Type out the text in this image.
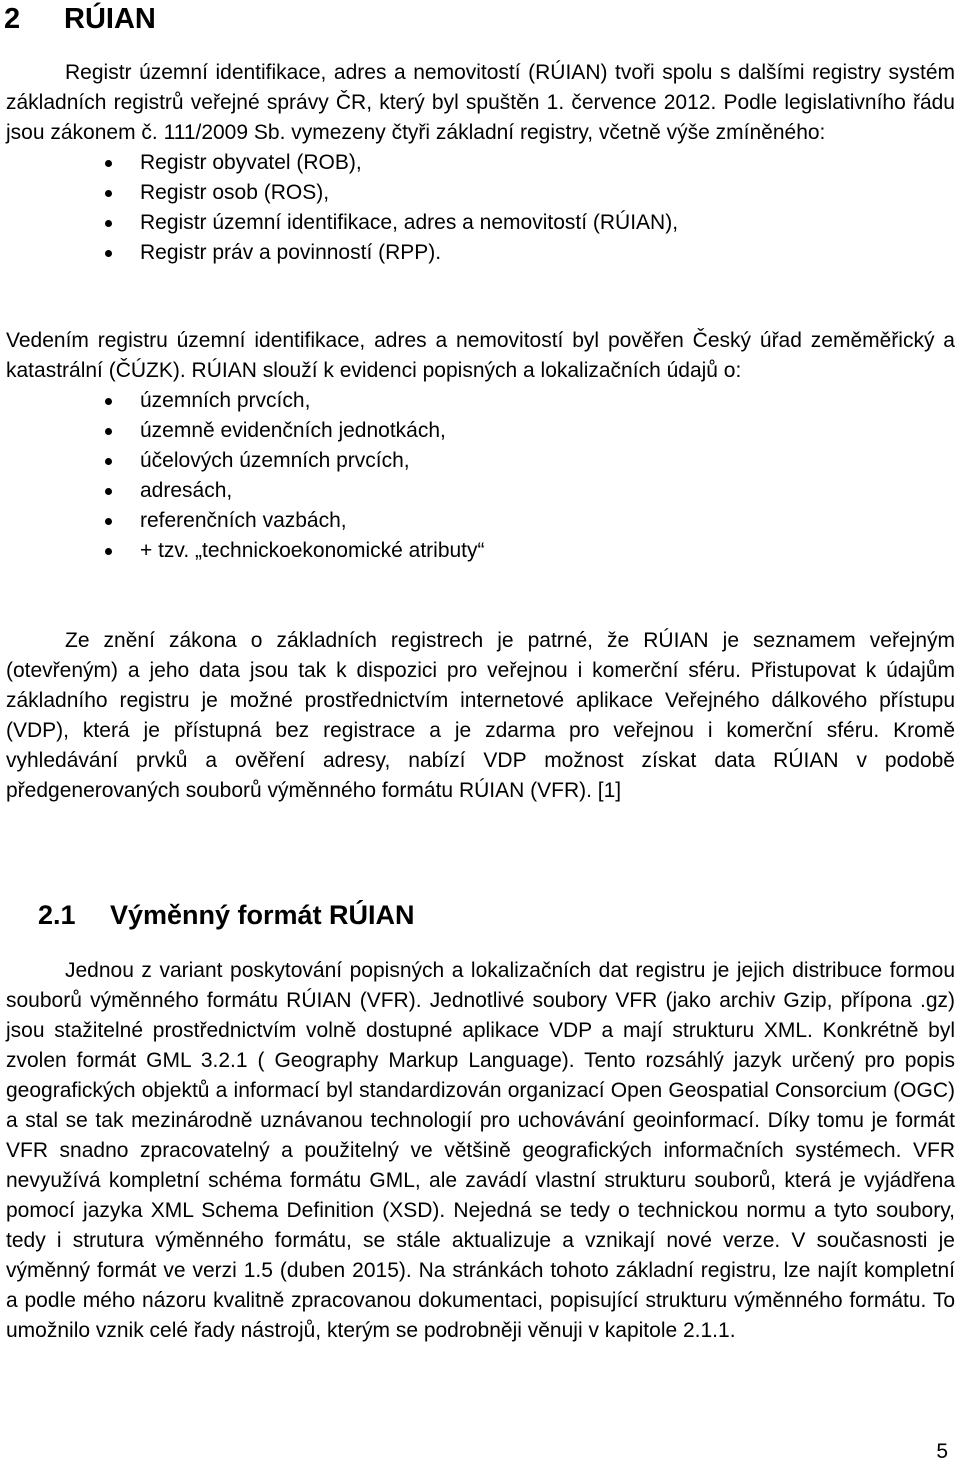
2 RÚIAN

Registr územní identifikace, adres a nemovitostí (RÚIAN) tvoři spolu s dalšími registry systém základních registrů veřejné správy ČR, který byl spuštěn 1. července 2012. Podle legislativního řádu jsou zákonem č. 111/2009 Sb. vymezeny čtyři základní registry, včetně výše zmíněného:

Registr obyvatel (ROB),
Registr osob (ROS),
Registr územní identifikace, adres a nemovitostí (RÚIAN),
Registr práv a povinností (RPP).

Vedením registru územní identifikace, adres a nemovitostí byl pověřen Český úřad zeměměřický a katastrální (ČÚZK). RÚIAN slouží k evidenci popisných a lokalizačních údajů o:

územních prvcích,
územně evidenčních jednotkách,
účelových územních prvcích,
adresách,
referenčních vazbách,
+ tzv. „technickoekonomické atributy“

Ze znění zákona o základních registrech je patrné, že RÚIAN je seznamem veřejným (otevřeným) a jeho data jsou tak k dispozici pro veřejnou i komerční sféru. Přistupovat k údajům základního registru je možné prostřednictvím internetové aplikace Veřejného dálkového přístupu (VDP), která je přístupná bez registrace a je zdarma pro veřejnou i komerční sféru. Kromě vyhledávání prvků a ověření adresy, nabízí VDP možnost získat data RÚIAN v podobě předgenerovaných souborů výměnného formátu RÚIAN (VFR). [1]

2.1 Výměnný formát RÚIAN

Jednou z variant poskytování popisných a lokalizačních dat registru je jejich distribuce formou souborů výměnného formátu RÚIAN (VFR). Jednotlivé soubory VFR (jako archiv Gzip, přípona .gz) jsou stažitelné prostřednictvím volně dostupné aplikace VDP a mají strukturu XML. Konkrétně byl zvolen formát GML 3.2.1 ( Geography Markup Language). Tento rozsáhlý jazyk určený pro popis geografických objektů a informací byl standardizován organizací Open Geospatial Consorcium (OGC) a stal se tak mezinárodně uznávanou technologií pro uchovávání geoinformací. Díky tomu je formát VFR snadno zpracovatelný a použitelný ve většině geografických informačních systémech. VFR nevyužívá kompletní schéma formátu GML, ale zavádí vlastní strukturu souborů, která je vyjádřena pomocí jazyka XML Schema Definition (XSD). Nejedná se tedy o technickou normu a tyto soubory, tedy i strutura výměnného formátu, se stále aktualizuje a vznikají nové verze. V současnosti je výměnný formát ve verzi 1.5 (duben 2015). Na stránkách tohoto základní registru, lze najít kompletní a podle mého názoru kvalitně zpracovanou dokumentaci, popisující strukturu výměnného formátu. To umožnilo vznik celé řady nástrojů, kterým se podrobněji věnuji v kapitole 2.1.1.

5
